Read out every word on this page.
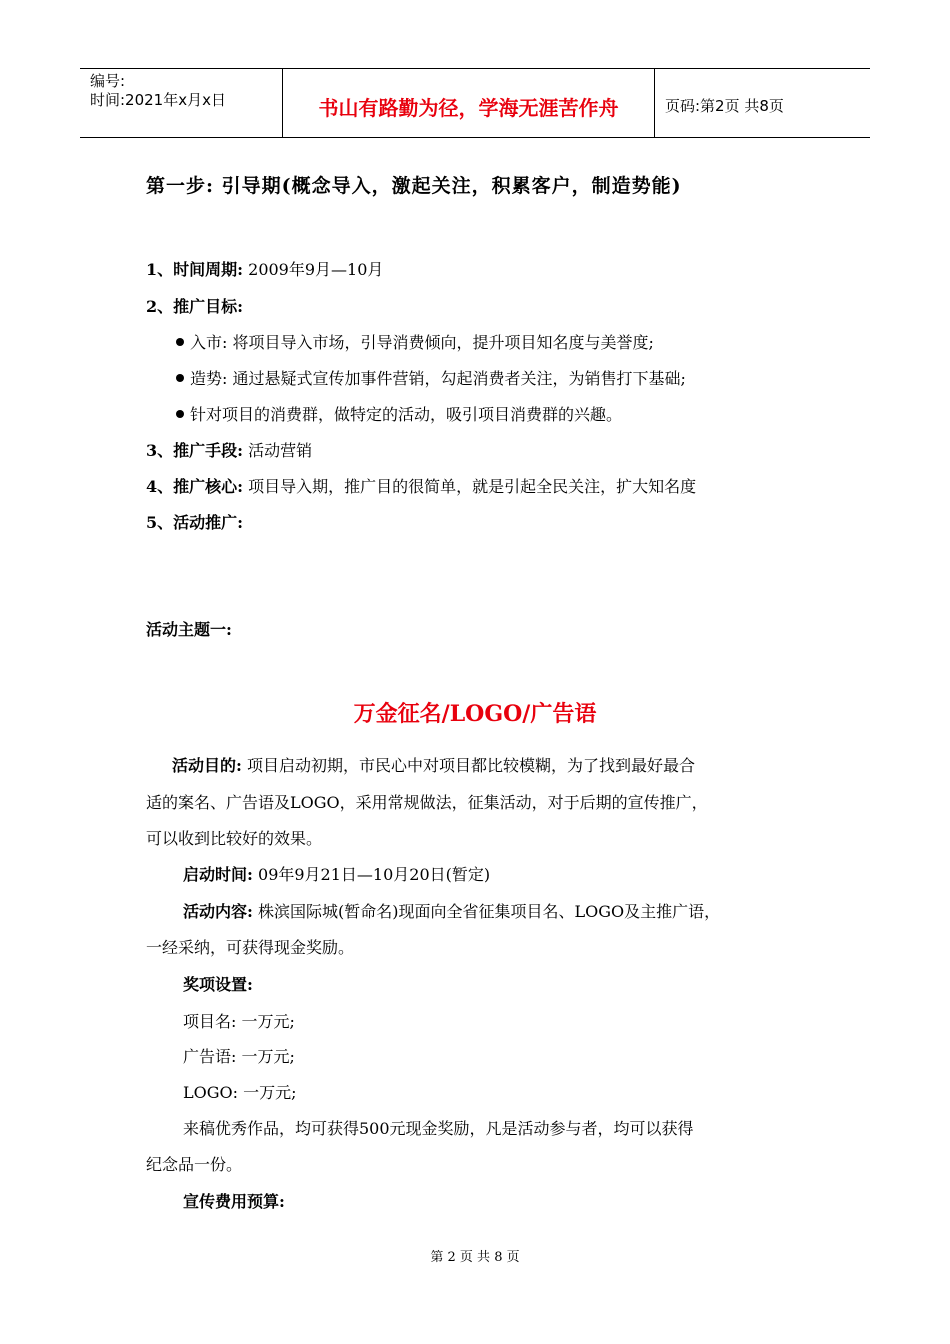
编号:
时间:2021年x月x日	书山有路勤为径，学海无涯苦作舟	页码:第2页 共8页
第一步: 引导期(概念导入，激起关注，积累客户，制造势能)
1、时间周期: 2009年9月—10月
2、推广目标:
入市: 将项目导入市场，引导消费倾向，提升项目知名度与美誉度;
造势: 通过悬疑式宣传加事件营销，勾起消费者关注，为销售打下基础;
针对项目的消费群，做特定的活动，吸引项目消费群的兴趣。
3、推广手段: 活动营销
4、推广核心: 项目导入期，推广目的很简单，就是引起全民关注，扩大知名度
5、活动推广:
活动主题一:
万金征名/LOGO/广告语
活动目的: 项目启动初期，市民心中对项目都比较模糊，为了找到最好最合
适的案名、广告语及LOGO，采用常规做法，征集活动，对于后期的宣传推广，
可以收到比较好的效果。
启动时间: 09年9月21日—10月20日(暂定)
活动内容: 株滨国际城(暂命名)现面向全省征集项目名、LOGO及主推广语，
一经采纳，可获得现金奖励。
奖项设置:
项目名: 一万元;
广告语: 一万元;
LOGO: 一万元;
来稿优秀作品，均可获得500元现金奖励，凡是活动参与者，均可以获得
纪念品一份。
宣传费用预算:
第 2 页 共 8 页
